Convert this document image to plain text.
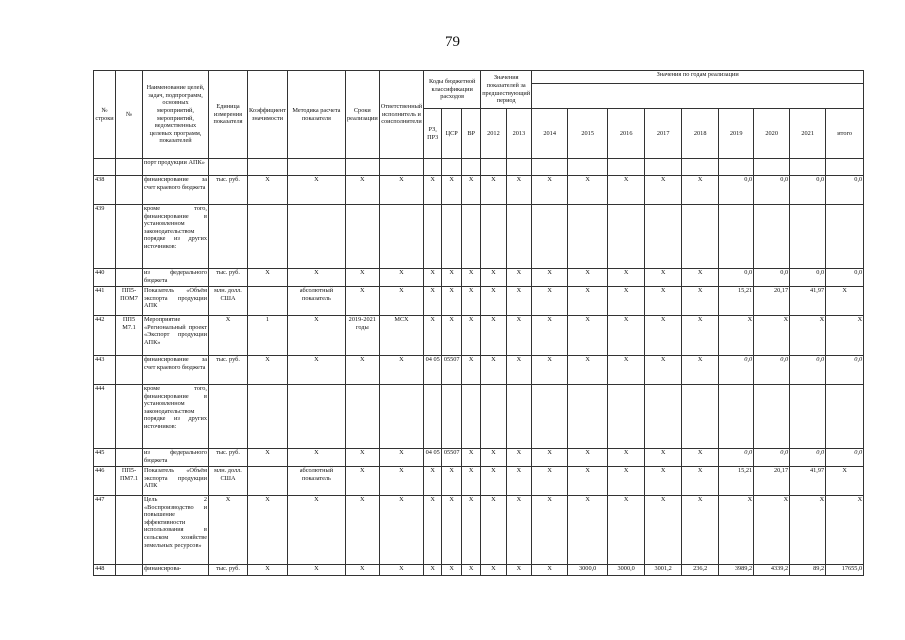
79
№ строки	№	Наименование целей, задач, подпрограмм, основных мероприятий, мероприятий, ведомственных целевых программ, показателей	Единица измерения показателя	Коэффициент значимости	Методика расчета показателя	Сроки реализации	Ответственный исполнитель и соисполнители	Коды бюджетной классификации расходов			Значения показателей за предшествующий период		Значения по годам реализации								

								РЗ, ПР3	ЦСР	ВР	2012	2013	2014	2015	2016	2017	2018	2019	2020	2021	итого
		порт продукции АПК»																			
438		финансирование за счет краевого бюджета	тыс. руб.	X	X	X	X	X	X	X	X	X	X	X	X	X	X	0,0	0,0	0,0	0,0
439		кроме того, финансирование в установленном законодательством порядке из других источников:																			
440		из федерального бюджета	тыс. руб.	X	X	X	X	X	X	X	X	X	X	X	X	X	X	0,0	0,0	0,0	0,0
441	ПП5-ПОМ7	Показатель «Объём экспорта продукции АПК	млн. долл. США		абсолютный показатель	X	X	X	X	X	X	X	X	X	X	X	X	15,21	20,17	41,97	X
442	ПП5 М7.1	Мероприятие «Региональный проект «Экспорт продукции АПК»	X	1	X	2019-2021 годы	МСХ	X	X	X	X	X	X	X	X	X	X	X	X	X	X
443		финансирование за счет краевого бюджета	тыс. руб.	X	X	X	X	04 05	05507	X	X	X	X	X	X	X	X	0,0	0,0	0,0	0,0
444		кроме того, финансирование в установленном законодательством порядке из других источников:																			
445		из федерального бюджета	тыс. руб.	X	X	X	X	04 05	05507	X	X	X	X	X	X	X	X	0,0	0,0	0,0	0,0
446	ПП5-ПМ7.1	Показатель «Объём экспорта продукции АПК	млн. долл. США		абсолютный показатель	X	X	X	X	X	X	X	X	X	X	X	X	15,21	20,17	41,97	X
447		Цель 2 «Воспроизводство и повышение эффективности использования в сельском хозяйстве земельных ресурсов»	X	X	X	X	X	X	X	X	X	X	X	X	X	X	X	X	X	X	X
448		финансирова-	тыс. руб.	X	X	X	X	X	X	X	X	X	X	3000,0	3000,0	3001,2	236,2	3989,2	4339,2	89,2	17655,0
